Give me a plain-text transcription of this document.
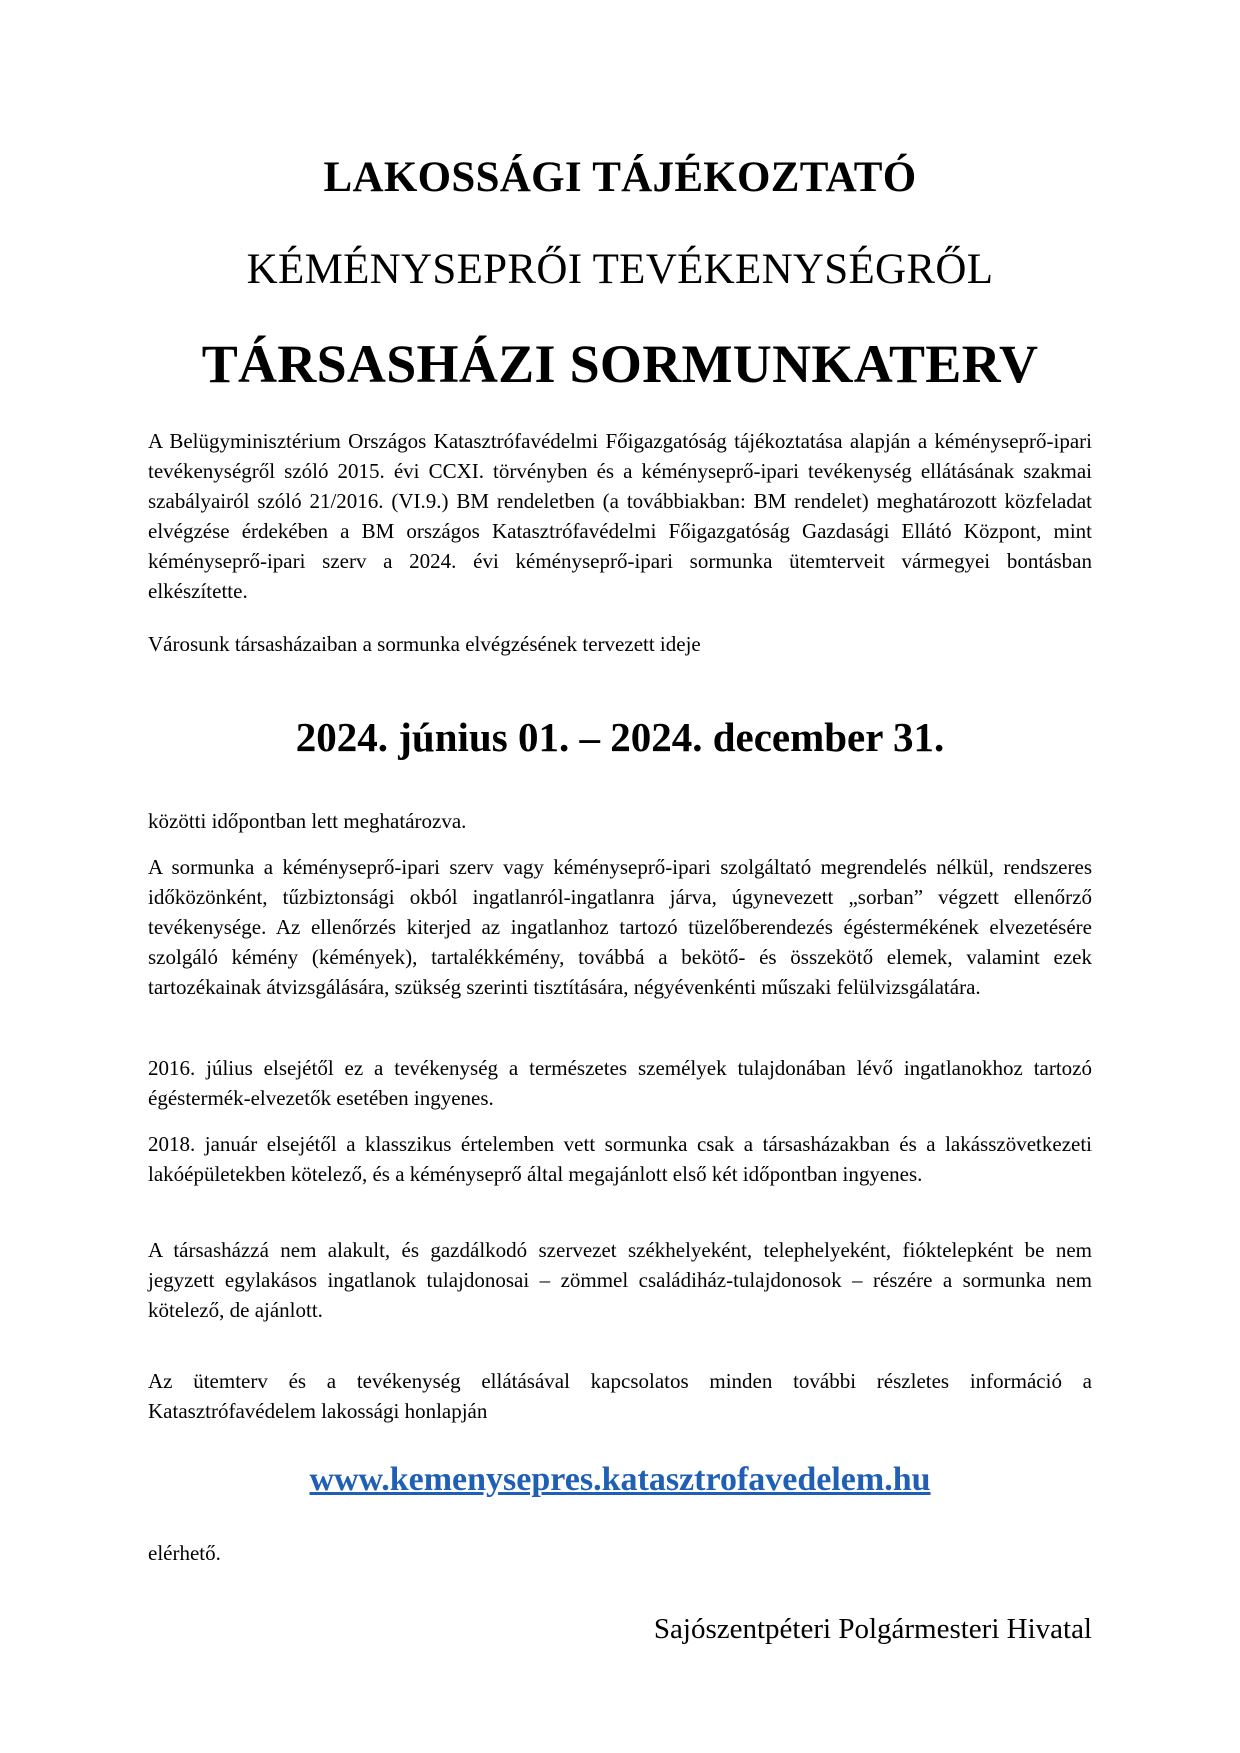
LAKOSSÁGI TÁJÉKOZTATÓ
KÉMÉNYSEPRŐI TEVÉKENYSÉGRŐL
TÁRSASHÁZI SORMUNKATERV

A Belügyminisztérium Országos Katasztrófavédelmi Főigazgatóság tájékoztatása alapján a kéményseprő-ipari tevékenységről szóló 2015. évi CCXI. törvényben és a kéményseprő-ipari tevékenység ellátásának szakmai szabályairól szóló 21/2016. (VI.9.) BM rendeletben (a továbbiakban: BM rendelet) meghatározott közfeladat elvégzése érdekében a BM országos Katasztrófavédelmi Főigazgatóság Gazdasági Ellátó Központ, mint kéményseprő-ipari szerv a 2024. évi kéményseprő-ipari sormunka ütemterveit vármegyei bontásban elkészítette.

Városunk társasházaiban a sormunka elvégzésének tervezett ideje

2024. június 01. – 2024. december 31.

közötti időpontban lett meghatározva.

A sormunka a kéményseprő-ipari szerv vagy kéményseprő-ipari szolgáltató megrendelés nélkül, rendszeres időközönként, tűzbiztonsági okból ingatlanról-ingatlanra járva, úgynevezett „sorban” végzett ellenőrző tevékenysége. Az ellenőrzés kiterjed az ingatlanhoz tartozó tüzelőberendezés égéstermékének elvezetésére szolgáló kémény (kémények), tartalékkémény, továbbá a bekötő- és összekötő elemek, valamint ezek tartozékainak átvizsgálására, szükség szerinti tisztítására, négyévenkénti műszaki felülvizsgálatára.

2016. július elsejétől ez a tevékenység a természetes személyek tulajdonában lévő ingatlanokhoz tartozó égéstermék-elvezetők esetében ingyenes.

2018. január elsejétől a klasszikus értelemben vett sormunka csak a társasházakban és a lakásszövetkezeti lakóépületekben kötelező, és a kéményseprő által megajánlott első két időpontban ingyenes.

A társasházzá nem alakult, és gazdálkodó szervezet székhelyeként, telephelyeként, fióktelepként be nem jegyzett egylakásos ingatlanok tulajdonosai – zömmel családiház-tulajdonosok – részére a sormunka nem kötelező, de ajánlott.

Az ütemterv és a tevékenység ellátásával kapcsolatos minden további részletes információ a Katasztrófavédelem lakossági honlapján

www.kemenysepres.katasztrofavedelem.hu

elérhető.

Sajószentpéteri Polgármesteri Hivatal
